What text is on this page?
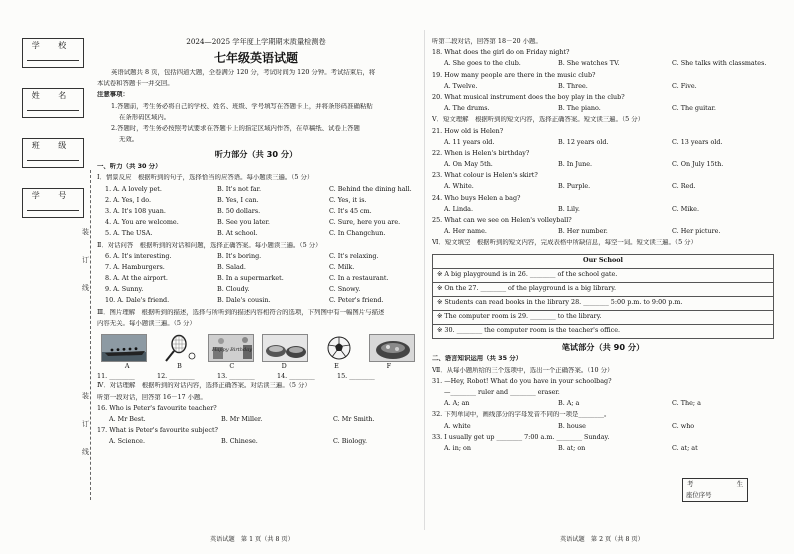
学 校
姓 名
班 级
学 号
装
订
线
装
订
线
2024—2025 学年度上学期期末质量检测卷
七年级英语试题
英语试题共 8 页，包括四道大题，全卷满分 120 分，考试时间为 120 分钟。考试结束后，将
本试卷和答题卡一并交回。
注意事项：
1.答题前，考生务必将自己的学校、姓名、班级、学号填写在答题卡上，并将条形码准确粘贴
在条形码区域内。
2.答题时，考生务必按照考试要求在答题卡上的指定区域内作答，在草稿纸、试卷上答题
无效。
听力部分（共 30 分）
一、听力（共 30 分）
Ⅰ．情景反应　根据听到的句子，选择恰当的应答语。每小题读三遍。（5 分）
1. A. A lovely pet.	B. It's not far.	C. Behind the dining hall.
2. A. Yes, I do.	B. Yes, I can.	C. Yes, it is.
3. A. It's 108 yuan.	B. 50 dollars.	C. It's 45 cm.
4. A. You are welcome.	B. See you later.	C. Sure, here you are.
5. A. The USA.	B. At school.	C. In Changchun.
Ⅱ．对话问答　根据听到的对话和问题，选择正确答案。每小题读三遍。（5 分）
6. A. It's interesting.	B. It's boring.	C. It's relaxing.
7. A. Hamburgers.	B. Salad.	C. Milk.
8. A. At the airport.	B. In a supermarket.	C. In a restaurant.
9. A. Sunny.	B. Cloudy.	C. Snowy.
10. A. Dale's friend.	B. Dale's cousin.	C. Peter's friend.
Ⅲ．图片理解　根据听到的描述，选择与所听到的描述内容相符合的选项，下列图中有一幅图片与描述
内容无关。每小题读三遍。（5 分）
Happy Birthday
A	B	C	D	E	F
11. ________	12. ________	13. ________	14. ________	15. ________
Ⅳ．对话理解　根据听到的对话内容，选择正确答案。对话读三遍。（5 分）
听第一段对话，回答第 16－17 小题。
16. Who is Peter's favourite teacher?
A. Mr Best.	B. Mr Miller.	C. Mr Smith.
17. What is Peter's favourite subject?
A. Science.	B. Chinese.	C. Biology.
听第二段对话，回答第 18－20 小题。
18. What does the girl do on Friday night?
A. She goes to the club.	B. She watches TV.	C. She talks with classmates.
19. How many people are there in the music club?
A. Twelve.	B. Three.	C. Five.
20. What musical instrument does the boy play in the club?
A. The drums.	B. The piano.	C. The guitar.
Ⅴ．短文理解　根据听到的短文内容，选择正确答案。短文读三遍。（5 分）
21. How old is Helen?
A. 11 years old.	B. 12 years old.	C. 13 years old.
22. When is Helen's birthday?
A. On May 5th.	B. In June.	C. On July 15th.
23. What colour is Helen's skirt?
A. White.	B. Purple.	C. Red.
24. Who buys Helen a bag?
A. Linda.	B. Lily.	C. Mike.
25. What can we see on Helen's volleyball?
A. Her name.	B. Her number.	C. Her picture.
Ⅵ．短文填空　根据听到的短文内容，完成表格中所缺信息，每空一词。短文读三遍。（5 分）
Our School
※ A big playground is in 26. ________ of the school gate.
※ On the 27. ________ of the playground is a big library.
※ Students can read books in the library 28. ________ 5:00 p.m. to 9:00 p.m.
※ The computer room is 29. ________ to the library.
※ 30. ________ the computer room is the teacher's office.
笔试部分（共 90 分）
二、语言知识运用（共 35 分）
Ⅶ．从每小题所给的三个选项中，选出一个正确答案。（10 分）
31. —Hey, Robot! What do you have in your schoolbag?
—________ ruler and ________ eraser.
A. A; an	B. A; a	C. The; a
32. 下列单词中，画线部分的字母发音不同的一项是________。
A. white	B. house	C. who
33. I usually get up ________ 7:00 a.m. ________ Sunday.
A. in; on	B. at; on	C. at; at
考	生
座位序号
英语试题　第 1 页（共 8 页）	英语试题　第 2 页（共 8 页）
